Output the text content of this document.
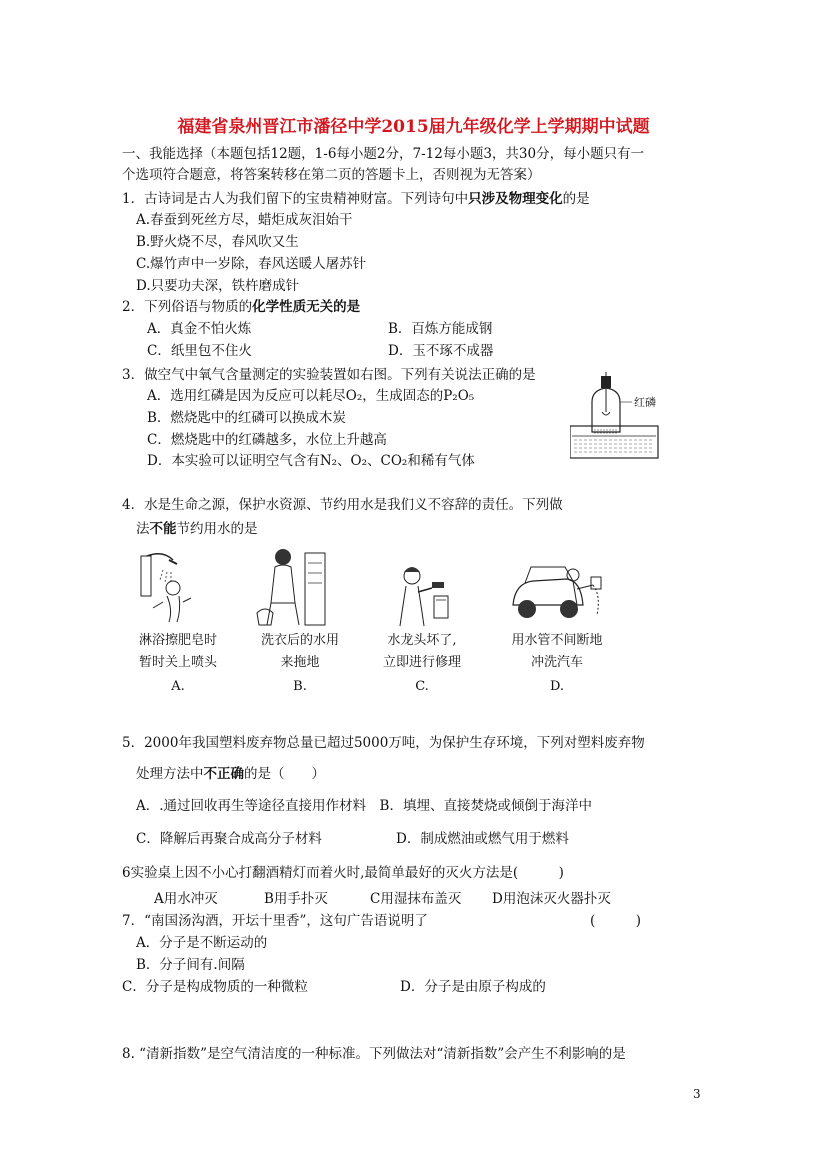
福建省泉州晋江市潘径中学2015届九年级化学上学期期中试题
一、我能选择（本题包括12题，1-6每小题2分，7-12每小题3，共30分，每小题只有一
个选项符合题意，将答案转移在第二页的答题卡上，否则视为无答案）
1．古诗词是古人为我们留下的宝贵精神财富。下列诗句中只涉及物理变化的是
A.春蚕到死丝方尽，蜡炬成灰泪始干
B.野火烧不尽，春风吹又生
C.爆竹声中一岁除，春风送暖人屠苏针
D.只要功夫深，铁杵磨成针
2．下列俗语与物质的化学性质无关的是
A．真金不怕火炼	B．百炼方能成钢
C．纸里包不住火	D．玉不琢不成器
3．做空气中氧气含量测定的实验装置如右图。下列有关说法正确的是
A．选用红磷是因为反应可以耗尽O₂，生成固态的P₂O₅
B．燃烧匙中的红磷可以换成木炭
C．燃烧匙中的红磷越多，水位上升越高
D．本实验可以证明空气含有N₂、O₂、CO₂和稀有气体
红磷
4．水是生命之源，保护水资源、节约用水是我们义不容辞的责任。下列做
法不能节约用水的是
淋浴擦肥皂时
暂时关上喷头
A.
洗衣后的水用
来拖地
B.
水龙头坏了,
立即进行修理
C.
用水管不间断地
冲洗汽车
D.
5．2000年我国塑料废弃物总量已超过5000万吨，为保护生存环境，下列对塑料废弃物
处理方法中不正确的是（　　）
A．.通过回收再生等途径直接用作材料　B．填埋、直接焚烧或倾倒于海洋中
C．降解后再聚合成高分子材料	D．制成燃油或燃气用于燃料
6实验桌上因不小心打翻酒精灯而着火时,最简单最好的灭火方法是(　　　)
A用水冲灭	B用手扑灭	C用湿抹布盖灭 D用泡沫灭火器扑灭
7．“南国汤沟酒，开坛十里香”，这句广告语说明了	(　　　)
A．分子是不断运动的
B．分子间有.间隔
C．分子是构成物质的一种微粒	D．分子是由原子构成的
8. “清新指数”是空气清洁度的一种标准。下列做法对“清新指数”会产生不利影响的是
3
